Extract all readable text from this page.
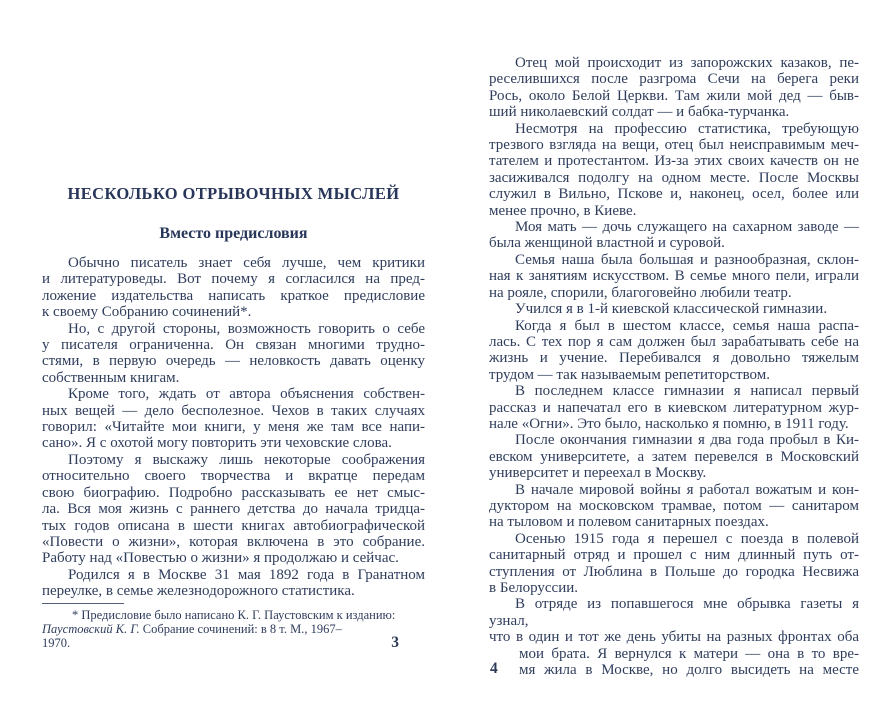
НЕСКОЛЬКО ОТРЫВОЧНЫХ МЫСЛЕЙ
Вместо предисловия
Обычно писатель знает себя лучше, чем критики
и литературоведы. Вот почему я согласился на пред-
ложение издательства написать краткое предисловие
к своему Собранию сочинений*.
Но, с другой стороны, возможность говорить о себе
у писателя ограниченна. Он связан многими трудно-
стями, в первую очередь — неловкость давать оценку
собственным книгам.
Кроме того, ждать от автора объяснения собствен-
ных вещей — дело бесполезное. Чехов в таких случаях
говорил: «Читайте мои книги, у меня же там все напи-
сано». Я с охотой могу повторить эти чеховские слова.
Поэтому я выскажу лишь некоторые соображения
относительно своего творчества и вкратце передам
свою биографию. Подробно рассказывать ее нет смыс-
ла. Вся моя жизнь с раннего детства до начала тридца-
тых годов описана в шести книгах автобиографической
«Повести о жизни», которая включена в это собрание.
Работу над «Повестью о жизни» я продолжаю и сейчас.
Родился я в Москве 31 мая 1892 года в Гранатном
переулке, в семье железнодорожного статистика.
* Предисловие было написано К. Г. Паустовским к изданию:
Паустовский К. Г. Собрание сочинений: в 8 т. М., 1967–
1970.	3
Отец мой происходит из запорожских казаков, пе-
реселившихся после разгрома Сечи на берега реки
Рось, около Белой Церкви. Там жили мой дед — быв-
ший николаевский солдат — и бабка-турчанка.
Несмотря на профессию статистика, требующую
трезвого взгляда на вещи, отец был неисправимым меч-
тателем и протестантом. Из-за этих своих качеств он не
засиживался подолгу на одном месте. После Москвы
служил в Вильно, Пскове и, наконец, осел, более или
менее прочно, в Киеве.
Моя мать — дочь служащего на сахарном заводе —
была женщиной властной и суровой.
Семья наша была большая и разнообразная, склон-
ная к занятиям искусством. В семье много пели, играли
на рояле, спорили, благоговейно любили театр.
Учился я в 1-й киевской классической гимназии.
Когда я был в шестом классе, семья наша распа-
лась. С тех пор я сам должен был зарабатывать себе на
жизнь и учение. Перебивался я довольно тяжелым
трудом — так называемым репетиторством.
В последнем классе гимназии я написал первый
рассказ и напечатал его в киевском литературном жур-
нале «Огни». Это было, насколько я помню, в 1911 году.
После окончания гимназии я два года пробыл в Ки-
евском университете, а затем перевелся в Московский
университет и переехал в Москву.
В начале мировой войны я работал вожатым и кон-
дуктором на московском трамвае, потом — санитаром
на тыловом и полевом санитарных поездах.
Осенью 1915 года я перешел с поезда в полевой
санитарный отряд и прошел с ним длинный путь от-
ступления от Люблина в Польше до городка Несвижа
в Белоруссии.
В отряде из попавшегося мне обрывка газеты я узнал,
что в один и тот же день убиты на разных фронтах оба
4
мои брата. Я вернулся к матери — она в то вре-
мя жила в Москве, но долго высидеть на месте
